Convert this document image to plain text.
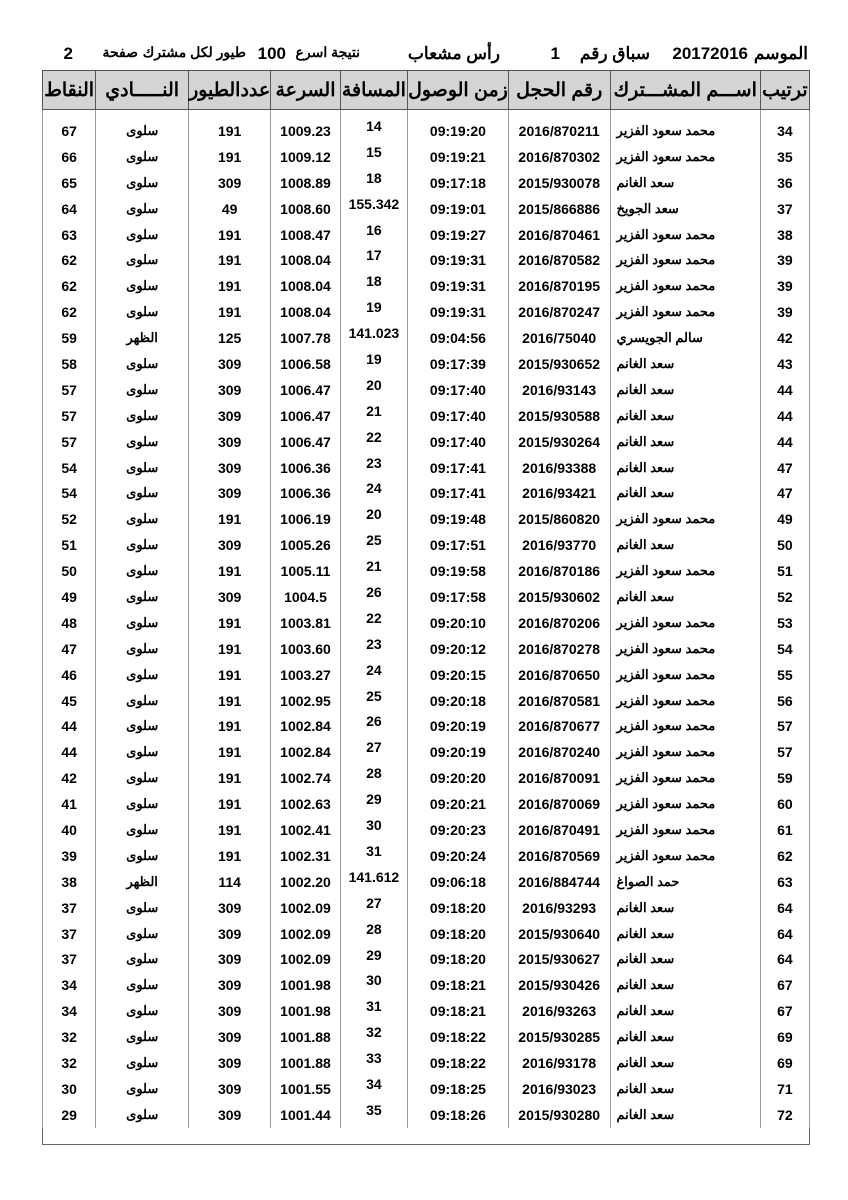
الموسم
20172016
سباق رقم
1
رأس مشعاب
نتيجة اسرع
100
طيور لكل مشترك
صفحة
2
ترتيب	اســـم المشـــترك	رقم الحجل	زمن الوصول	المسافة	السرعة	عددالطيور	النـــــادي	النقاط
34	محمد سعود الفزير	2016/870211	09:19:20	14	1009.23	191	سلوى	67
35	محمد سعود الفزير	2016/870302	09:19:21	15	1009.12	191	سلوى	66
36	سعد الغانم	2015/930078	09:17:18	18	1008.89	309	سلوى	65
37	سعد الجويخ	2015/866886	09:19:01	155.342	1008.60	49	سلوى	64
38	محمد سعود الفزير	2016/870461	09:19:27	16	1008.47	191	سلوى	63
39	محمد سعود الفزير	2016/870582	09:19:31	17	1008.04	191	سلوى	62
39	محمد سعود الفزير	2016/870195	09:19:31	18	1008.04	191	سلوى	62
39	محمد سعود الفزير	2016/870247	09:19:31	19	1008.04	191	سلوى	62
42	سالم الجويسري	2016/75040	09:04:56	141.023	1007.78	125	الظهر	59
43	سعد الغانم	2015/930652	09:17:39	19	1006.58	309	سلوى	58
44	سعد الغانم	2016/93143	09:17:40	20	1006.47	309	سلوى	57
44	سعد الغانم	2015/930588	09:17:40	21	1006.47	309	سلوى	57
44	سعد الغانم	2015/930264	09:17:40	22	1006.47	309	سلوى	57
47	سعد الغانم	2016/93388	09:17:41	23	1006.36	309	سلوى	54
47	سعد الغانم	2016/93421	09:17:41	24	1006.36	309	سلوى	54
49	محمد سعود الفزير	2015/860820	09:19:48	20	1006.19	191	سلوى	52
50	سعد الغانم	2016/93770	09:17:51	25	1005.26	309	سلوى	51
51	محمد سعود الفزير	2016/870186	09:19:58	21	1005.11	191	سلوى	50
52	سعد الغانم	2015/930602	09:17:58	26	1004.5	309	سلوى	49
53	محمد سعود الفزير	2016/870206	09:20:10	22	1003.81	191	سلوى	48
54	محمد سعود الفزير	2016/870278	09:20:12	23	1003.60	191	سلوى	47
55	محمد سعود الفزير	2016/870650	09:20:15	24	1003.27	191	سلوى	46
56	محمد سعود الفزير	2016/870581	09:20:18	25	1002.95	191	سلوى	45
57	محمد سعود الفزير	2016/870677	09:20:19	26	1002.84	191	سلوى	44
57	محمد سعود الفزير	2016/870240	09:20:19	27	1002.84	191	سلوى	44
59	محمد سعود الفزير	2016/870091	09:20:20	28	1002.74	191	سلوى	42
60	محمد سعود الفزير	2016/870069	09:20:21	29	1002.63	191	سلوى	41
61	محمد سعود الفزير	2016/870491	09:20:23	30	1002.41	191	سلوى	40
62	محمد سعود الفزير	2016/870569	09:20:24	31	1002.31	191	سلوى	39
63	حمد الصواغ	2016/884744	09:06:18	141.612	1002.20	114	الظهر	38
64	سعد الغانم	2016/93293	09:18:20	27	1002.09	309	سلوى	37
64	سعد الغانم	2015/930640	09:18:20	28	1002.09	309	سلوى	37
64	سعد الغانم	2015/930627	09:18:20	29	1002.09	309	سلوى	37
67	سعد الغانم	2015/930426	09:18:21	30	1001.98	309	سلوى	34
67	سعد الغانم	2016/93263	09:18:21	31	1001.98	309	سلوى	34
69	سعد الغانم	2015/930285	09:18:22	32	1001.88	309	سلوى	32
69	سعد الغانم	2016/93178	09:18:22	33	1001.88	309	سلوى	32
71	سعد الغانم	2016/93023	09:18:25	34	1001.55	309	سلوى	30
72	سعد الغانم	2015/930280	09:18:26	35	1001.44	309	سلوى	29
